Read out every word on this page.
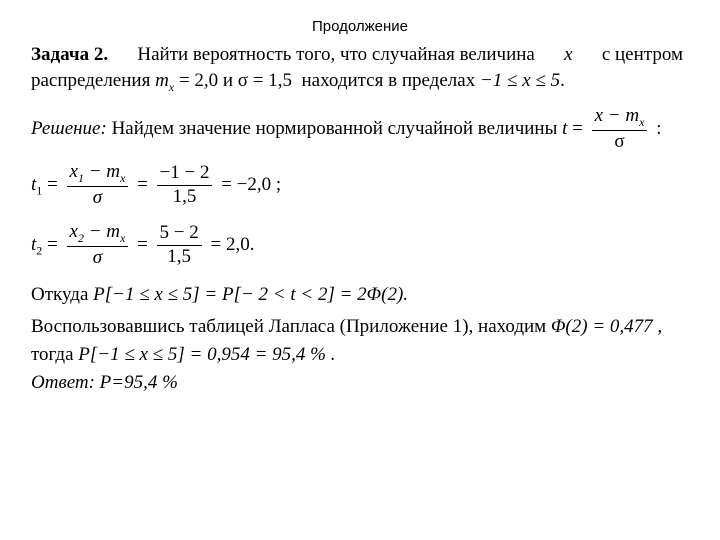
Продолжение
Задача 2. Найти вероятность того, что случайная величина x с центром
распределения $m_x = 2,0$ и σ = 1,5 находится в пределах −1 ≤ x ≤ 5.
Решение: Найдем значение нормированной случайной величины $t = \frac{x - m_x}{\sigma}$ :
$t_1 = \frac{x_1 - m_x}{\sigma} = \frac{-1 - 2}{1,5} = -2,0$ ;
$t_2 = \frac{x_2 - m_x}{\sigma} = \frac{5 - 2}{1,5} = 2,0$.
Откуда P[−1 ≤ x ≤ 5] = P[− 2 < t < 2] = 2Φ(2).
Воспользовавшись таблицей Лапласа (Приложение 1), находим Φ(2) = 0,477 ,
тогда P[−1 ≤ x ≤ 5] = 0,954 = 95,4 % .
Ответ: P=95,4 %
